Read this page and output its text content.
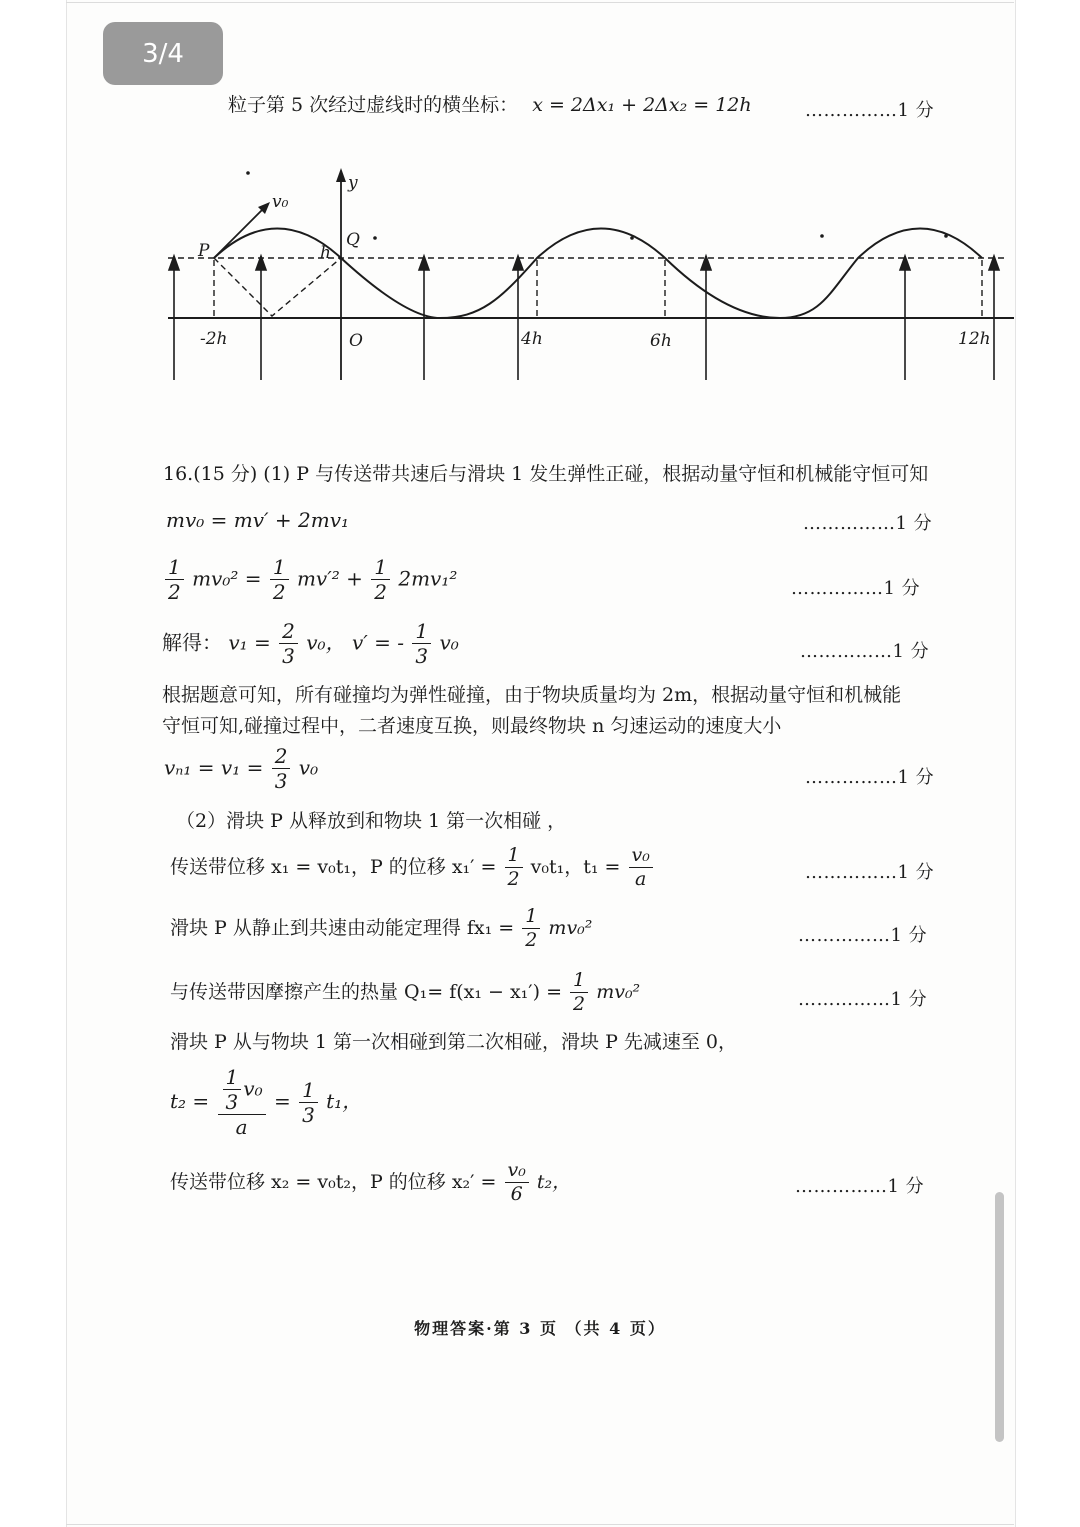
3/4
粒子第 5 次经过虚线时的横坐标： x = 2Δx₁ + 2Δx₂ = 12h	……………1 分
P
Q
v₀
y
h
-2h	O	4h	6h	12h
16.(15 分) (1) P 与传送带共速后与滑块 1 发生弹性正碰，根据动量守恒和机械能守恒可知
mv₀ = mv′ + 2mv₁	……………1 分
$\frac{1}{2} mv_0^2 = \frac{1}{2} mv'^2 + \frac{1}{2} 2mv_1^2$	……………1 分
解得： $v_1 = \frac{2}{3} v_0$， v′ = - $\frac{1}{3} v_0$	……………1 分
根据题意可知，所有碰撞均为弹性碰撞，由于物块质量均为 2m，根据动量守恒和机械能
守恒可知,碰撞过程中，二者速度互换，则最终物块 n 匀速运动的速度大小
$v_{n1} = v_1 = \frac{2}{3} v_0$	……………1 分
（2）滑块 P 从释放到和物块 1 第一次相碰 ，
传送带位移 x₁ = v₀t₁，P 的位移 $x_1' = \frac{1}{2} v_0t_1$，$t_1 = \frac{\text{v₀}}{a}$	……………1 分
滑块 P 从静止到共速由动能定理得 $fx_1 = \frac{1}{2} mv_0^2$	……………1 分
与传送带因摩擦产生的热量 $Q_1= f(x_1 - x_1') = \frac{1}{2} mv_0^2$	……………1 分
滑块 P 从与物块 1 第一次相碰到第二次相碰，滑块 P 先减速至 0，
$t_2 = \frac{\frac{1}{3} v_0}{a} = \frac{1}{3} t_1$，
传送带位移 x₂ = v₀t₂，P 的位移 $x_2' = \frac{\text{v₀}}{6} t_2$，	……………1 分
物理答案·第 3 页 （共 4 页）
